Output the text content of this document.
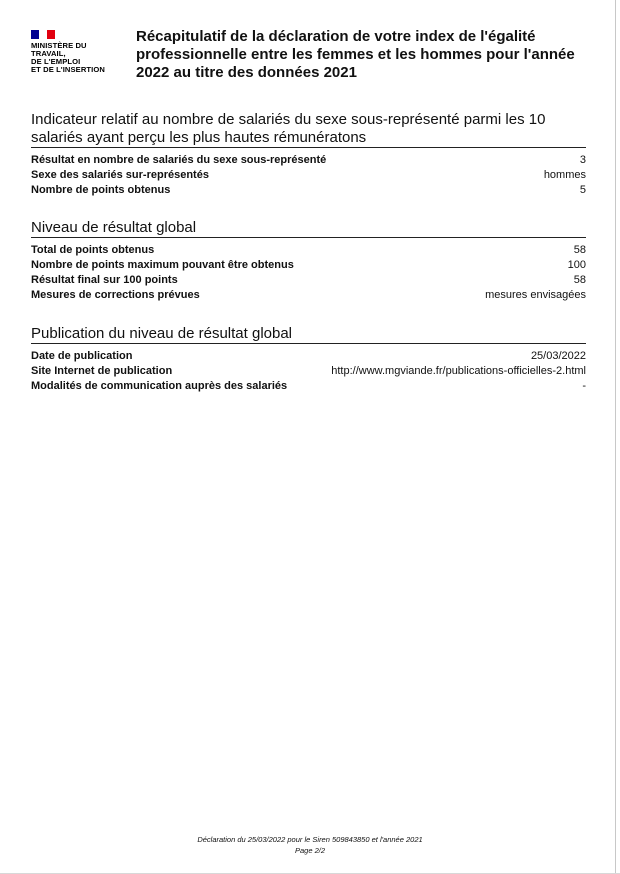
MINISTÈRE DU
TRAVAIL,
DE L'EMPLOI
ET DE L'INSERTION
Récapitulatif de la déclaration de votre index de l'égalité professionnelle entre les femmes et les hommes pour l'année 2022 au titre des données 2021
Indicateur relatif au nombre de salariés du sexe sous-représenté parmi les 10 salariés ayant perçu les plus hautes rémunératons
Résultat en nombre de salariés du sexe sous-représenté	3
Sexe des salariés sur-représentés	hommes
Nombre de points obtenus	5
Niveau de résultat global
Total de points obtenus	58
Nombre de points maximum pouvant être obtenus	100
Résultat final sur 100 points	58
Mesures de corrections prévues	mesures envisagées
Publication du niveau de résultat global
Date de publication	25/03/2022
Site Internet de publication	http://www.mgviande.fr/publications-officielles-2.html
Modalités de communication auprès des salariés	-
Déclaration du 25/03/2022 pour le Siren 509843850 et l'année 2021
Page 2/2
